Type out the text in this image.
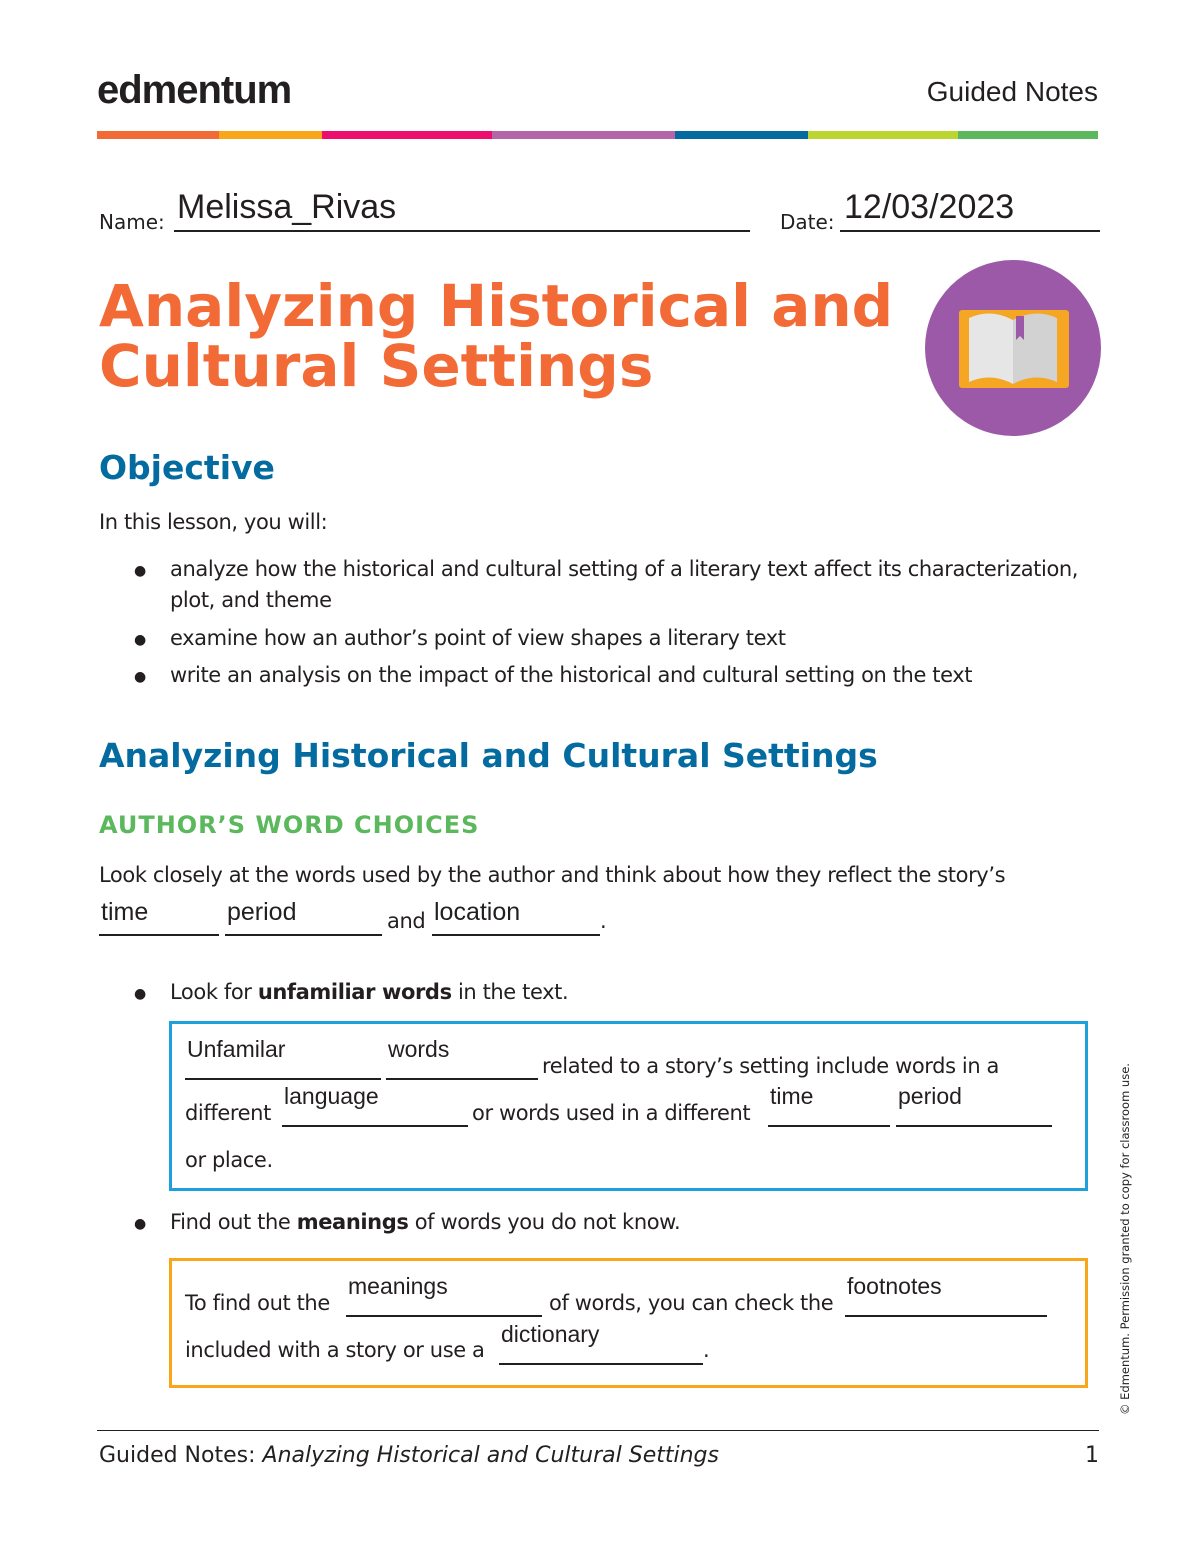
edmentum	Guided Notes
Name: Melissa_Rivas	Date: 12/03/2023
Analyzing Historical and
Cultural Settings
Objective
In this lesson, you will:
● analyze how the historical and cultural setting of a literary text affect its characterization,
plot, and theme
● examine how an author’s point of view shapes a literary text
● write an analysis on the impact of the historical and cultural setting on the text
Analyzing Historical and Cultural Settings
AUTHOR’S WORD CHOICES
Look closely at the words used by the author and think about how they reflect the story’s
time	period	and location	.
● Look for unfamiliar words in the text.
Unfamilar	words
related to a story’s setting include words in a
different
language
or words used in a different
time	period
or place.
● Find out the meanings of words you do not know.
To find out the
meanings
of words, you can check the
footnotes
included with a story or use a
dictionary
.	© Edmentum. Permission granted to copy for classroom use.
Guided Notes: Analyzing Historical and Cultural Settings	1
